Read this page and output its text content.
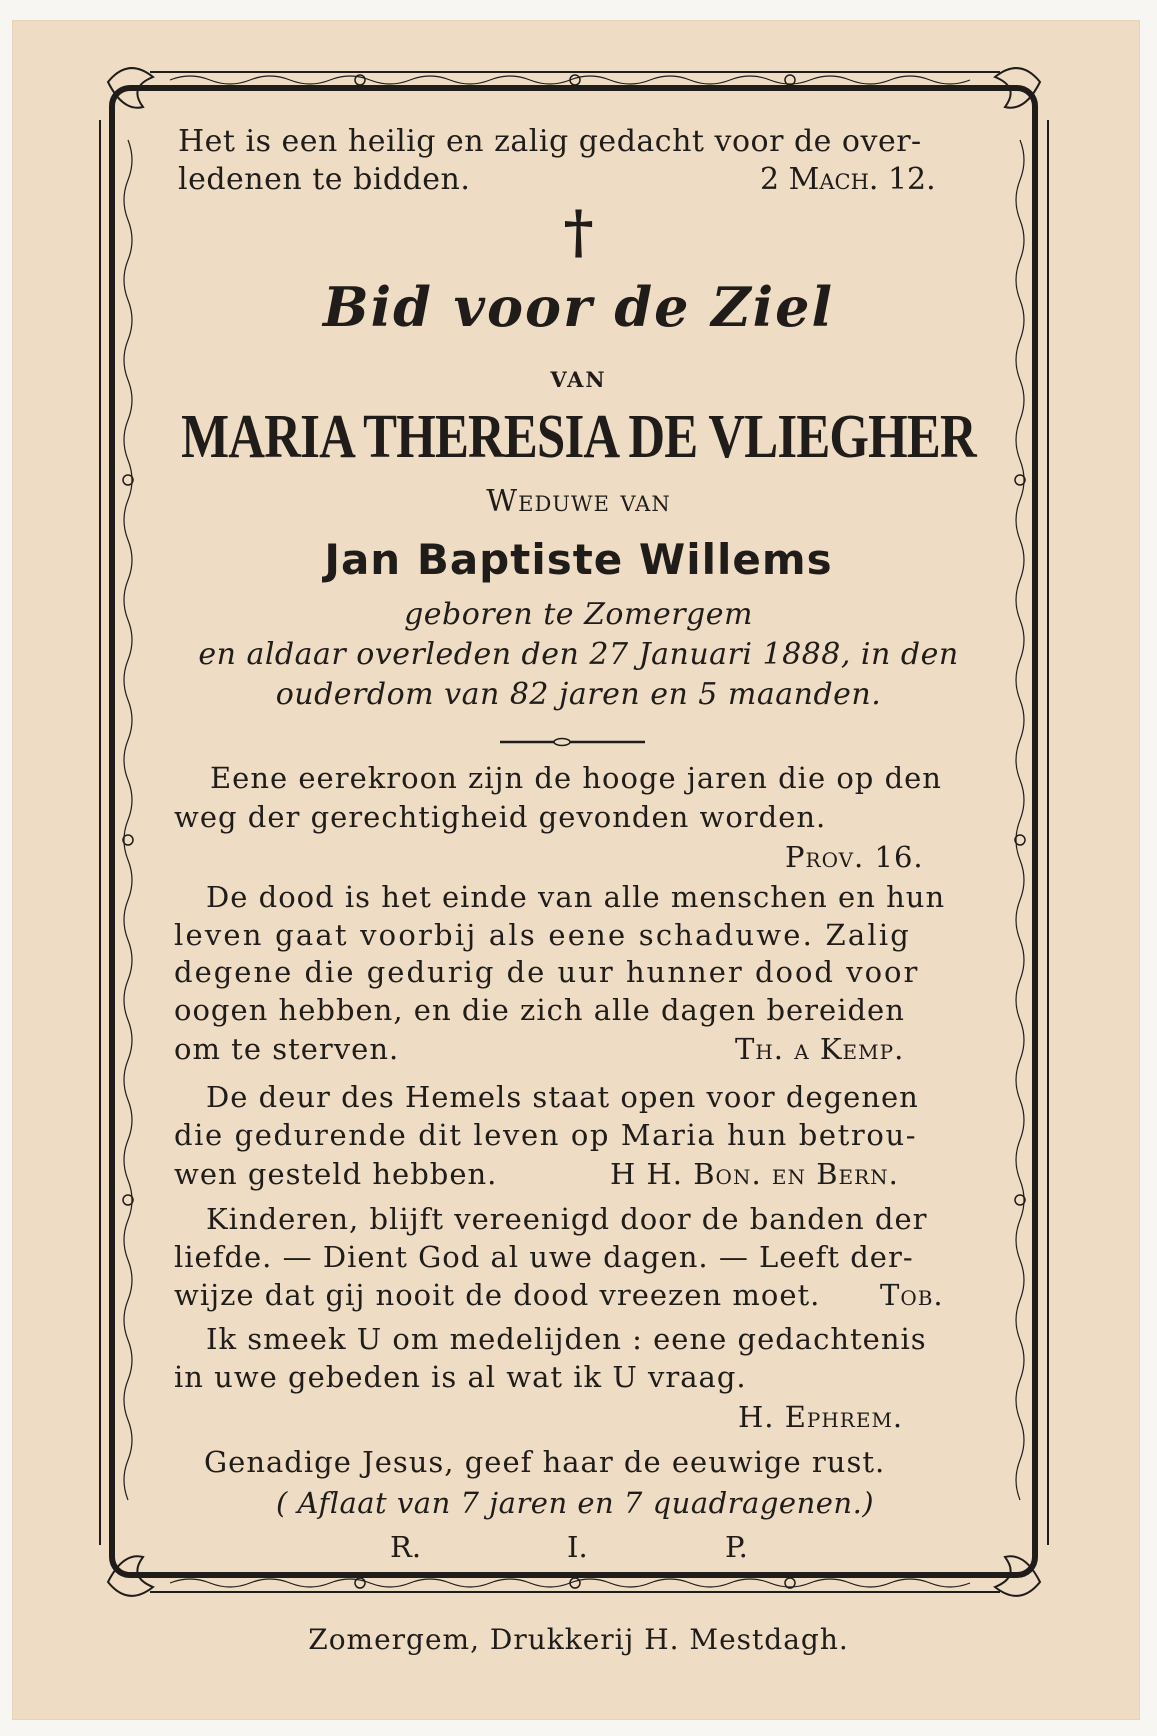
Het is een heilig en zalig gedacht voor de over-
ledenen te bidden.	2 Mach. 12.
†
Bid voor de Ziel
VAN
MARIA THERESIA DE VLIEGHER
Weduwe van
Jan Baptiste Willems
geboren te Zomergem
en aldaar overleden den 27 Januari 1888, in den
ouderdom van 82 jaren en 5 maanden.
Eene eerekroon zijn de hooge jaren die op den
weg der gerechtigheid gevonden worden.
Prov. 16.
De dood is het einde van alle menschen en hun
leven gaat voorbij als eene schaduwe. Zalig
degene die gedurig de uur hunner dood voor
oogen hebben, en die zich alle dagen bereiden
om te sterven.	Th. a Kemp.
De deur des Hemels staat open voor degenen
die gedurende dit leven op Maria hun betrou-
wen gesteld hebben.	H H. Bon. en Bern.
Kinderen, blijft vereenigd door de banden der
liefde. — Dient God al uwe dagen. — Leeft der-
wijze dat gij nooit de dood vreezen moet. Tob.
Ik smeek U om medelijden : eene gedachtenis
in uwe gebeden is al wat ik U vraag.
H. Ephrem.
Genadige Jesus, geef haar de eeuwige rust.
( Aflaat van 7 jaren en 7 quadragenen.)
R.	I.	P.
Zomergem, Drukkerij H. Mestdagh.
